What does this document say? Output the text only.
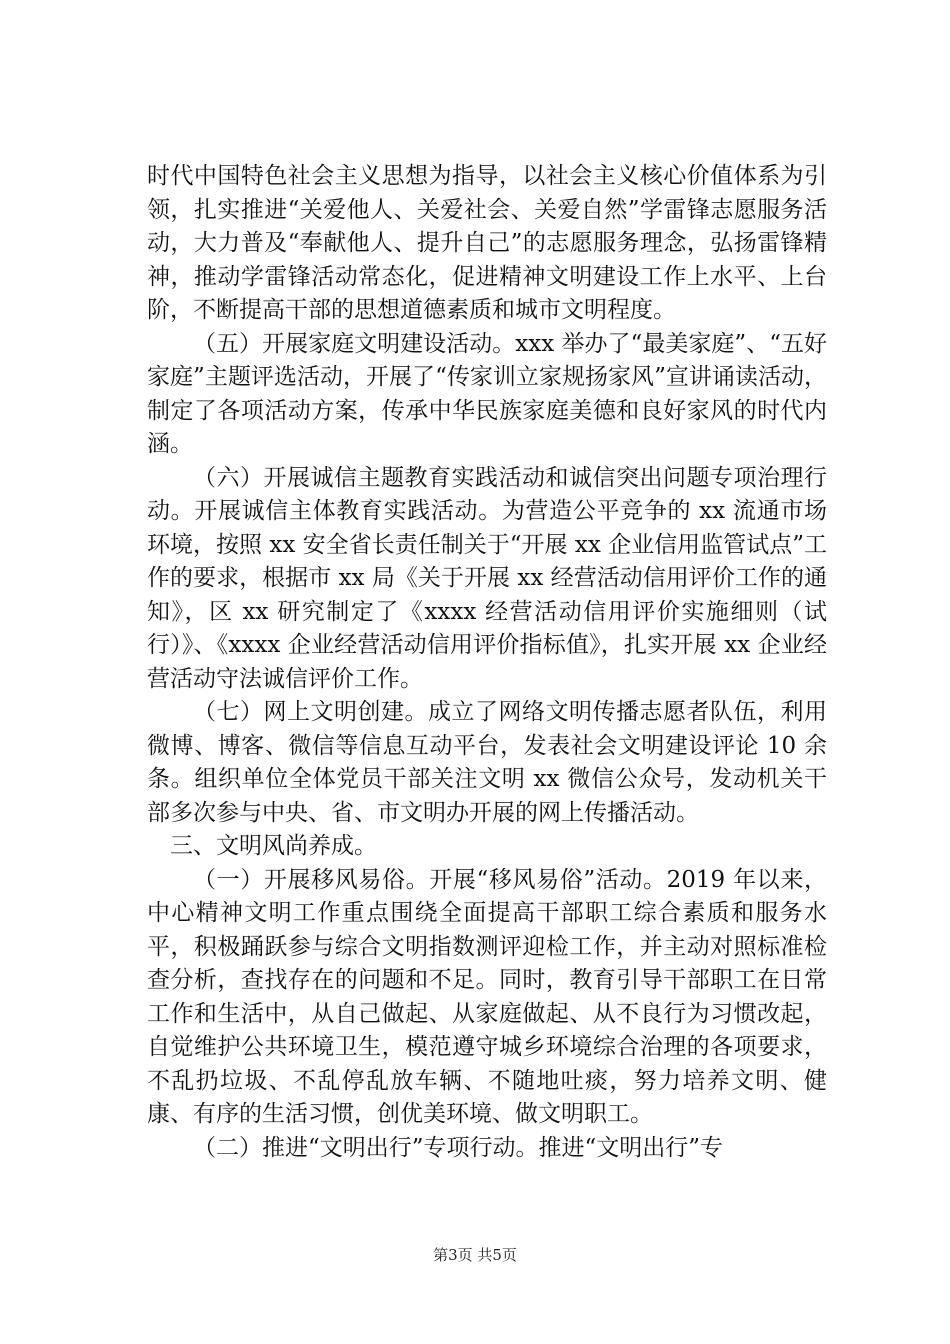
时代中国特色社会主义思想为指导，以社会主义核心价值体系为引领，扎实推进“关爱他人、关爱社会、关爱自然”学雷锋志愿服务活动，大力普及“奉献他人、提升自己”的志愿服务理念，弘扬雷锋精神，推动学雷锋活动常态化，促进精神文明建设工作上水平、上台阶，不断提高干部的思想道德素质和城市文明程度。

（五）开展家庭文明建设活动。xxx 举办了“最美家庭”、“五好家庭”主题评选活动，开展了“传家训立家规扬家风”宣讲诵读活动，制定了各项活动方案，传承中华民族家庭美德和良好家风的时代内涵。

（六）开展诚信主题教育实践活动和诚信突出问题专项治理行动。开展诚信主体教育实践活动。为营造公平竞争的 xx 流通市场环境，按照 xx 安全省长责任制关于“开展 xx 企业信用监管试点”工作的要求，根据市 xx 局《关于开展 xx 经营活动信用评价工作的通知》，区 xx 研究制定了《xxxx 经营活动信用评价实施细则（试行）》、《xxxx 企业经营活动信用评价指标值》，扎实开展 xx 企业经营活动守法诚信评价工作。

（七）网上文明创建。成立了网络文明传播志愿者队伍，利用微博、博客、微信等信息互动平台，发表社会文明建设评论 10 余条。组织单位全体党员干部关注文明 xx 微信公众号，发动机关干部多次参与中央、省、市文明办开展的网上传播活动。

三、文明风尚养成。

（一）开展移风易俗。开展“移风易俗”活动。2019 年以来，中心精神文明工作重点围绕全面提高干部职工综合素质和服务水平，积极踊跃参与综合文明指数测评迎检工作，并主动对照标准检查分析，查找存在的问题和不足。同时，教育引导干部职工在日常工作和生活中，从自己做起、从家庭做起、从不良行为习惯改起，自觉维护公共环境卫生，模范遵守城乡环境综合治理的各项要求，不乱扔垃圾、不乱停乱放车辆、不随地吐痰，努力培养文明、健康、有序的生活习惯，创优美环境、做文明职工。

（二）推进“文明出行”专项行动。推进“文明出行”专

第3页 共5页
